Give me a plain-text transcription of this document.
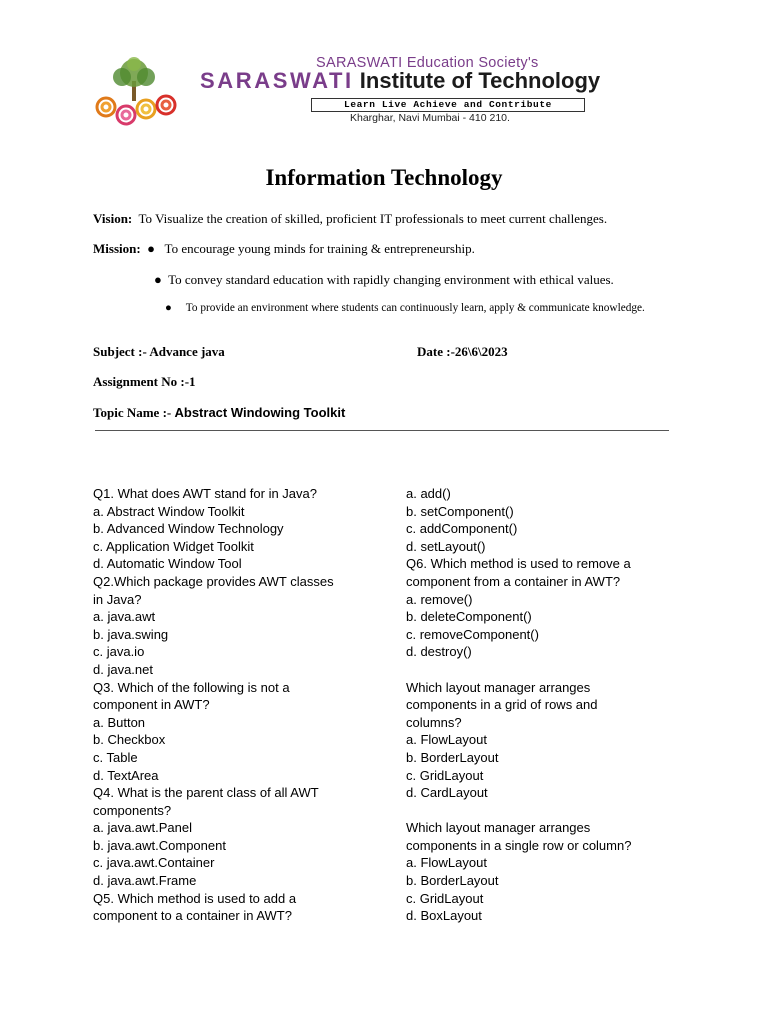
SARASWATI Education Society's
SARASWATI Institute of Technology
Learn Live Achieve and Contribute
Kharghar, Navi Mumbai - 410 210.
Information Technology
Vision: To Visualize the creation of skilled, proficient IT professionals to meet current challenges.
Mission: ● To encourage young minds for training & entrepreneurship.
● To convey standard education with rapidly changing environment with ethical values.
● To provide an environment where students can continuously learn, apply & communicate knowledge.
Subject :- Advance java	Date :-26\6\2023
Assignment No :-1
Topic Name :- Abstract Windowing Toolkit
Q1. What does AWT stand for in Java?
a. Abstract Window Toolkit
b. Advanced Window Technology
c. Application Widget Toolkit
d. Automatic Window Tool
Q2.Which package provides AWT classes
in Java?
a. java.awt
b. java.swing
c. java.io
d. java.net
Q3. Which of the following is not a
component in AWT?
a. Button
b. Checkbox
c. Table
d. TextArea
Q4. What is the parent class of all AWT
components?
a. java.awt.Panel
b. java.awt.Component
c. java.awt.Container
d. java.awt.Frame
Q5. Which method is used to add a
component to a container in AWT?
a. add()
b. setComponent()
c. addComponent()
d. setLayout()
Q6. Which method is used to remove a
component from a container in AWT?
a. remove()
b. deleteComponent()
c. removeComponent()
d. destroy()
Which layout manager arranges
components in a grid of rows and
columns?
a. FlowLayout
b. BorderLayout
c. GridLayout
d. CardLayout
Which layout manager arranges
components in a single row or column?
a. FlowLayout
b. BorderLayout
c. GridLayout
d. BoxLayout
